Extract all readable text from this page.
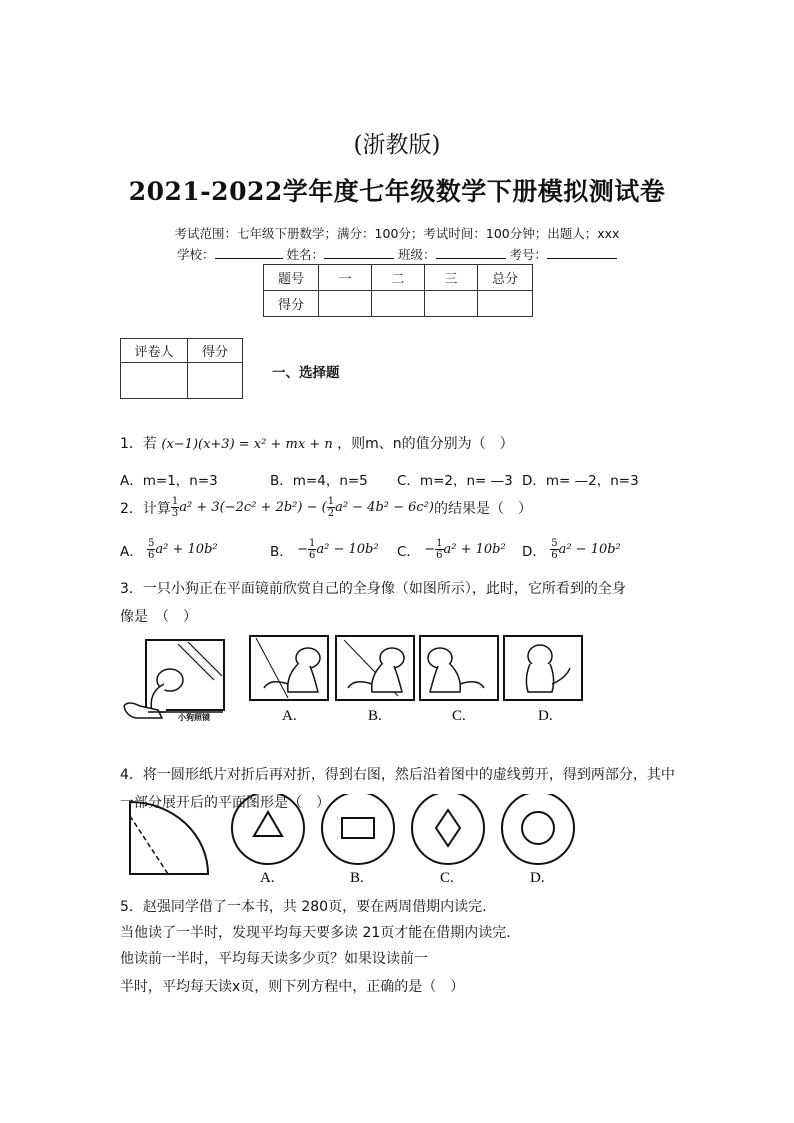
(浙教版)
2021-2022学年度七年级数学下册模拟测试卷
考试范围：七年级下册数学；满分：100分；考试时间：100分钟；出题人；xxx
学校：	姓名：	班级：	考号：
题号	一	二	三	总分
得分				
评卷人	得分

一、选择题
1．若 (x−1)(x+3) = x² + mx + n ，则m、n的值分别为（　）
A．m=1，n=3	B．m=4，n=5 C．m=2，n= —3 D．m= —2，n=3
2．计算 $\frac{1}{3} a^2 + 3(-2c^2 + 2b^2)$ − ( $\frac{1}{2} a^2 - 4b^2 - 6c^2$) 的结果是（　）
A．
$\frac{5}{6} a^2 + 10b^2$	B．
− $\frac{1}{6} a^2 - 10b^2$ C．
− $\frac{1}{6} a^2 + 10b^2$ D．
$\frac{5}{6} a^2 - 10b^2$
3．一只小狗正在平面镜前欣赏自己的全身像（如图所示），此时，它所看到的全身
像是　（　）
小狗照镜	A.	B.	C.	D.
4．将一圆形纸片对折后再对折，得到右图，然后沿着图中的虚线剪开，得到两部分，其中
一部分展开后的平面图形是（　）
A.	B.	C.	D.
5．赵强同学借了一本书，共 280页，要在两周借期内读完.
当他读了一半时，发现平均每天要多读 21页才能在借期内读完.
他读前一半时，平均每天读多少页？如果设读前一
半时，平均每天读x页，则下列方程中，正确的是（　）
